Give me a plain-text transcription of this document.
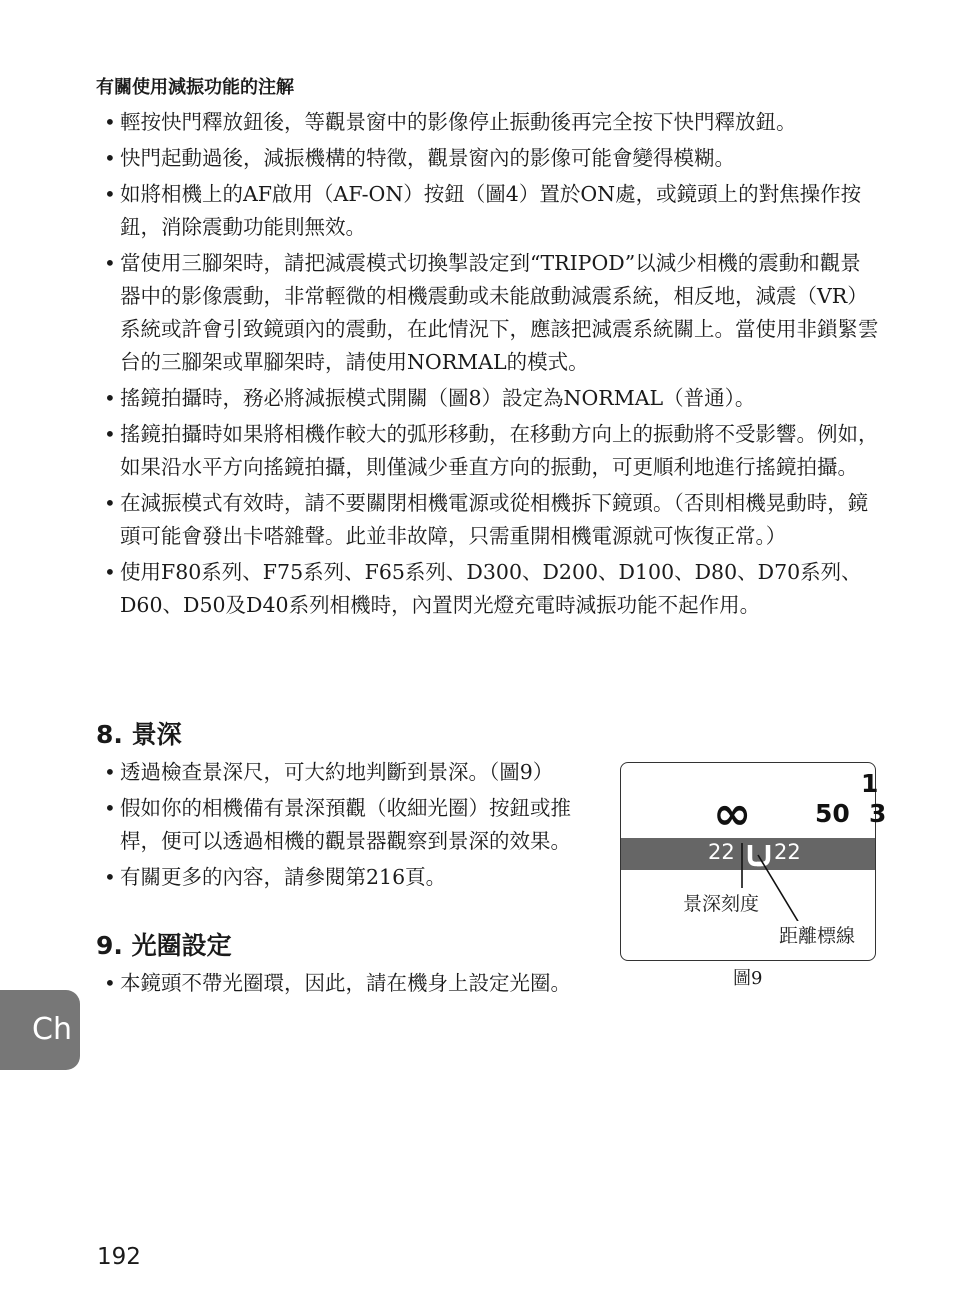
有關使用減振功能的注解
• 輕按快門釋放鈕後，等觀景窗中的影像停止振動後再完全按下快門釋放鈕。
• 快門起動過後，減振機構的特徵，觀景窗內的影像可能會變得模糊。
• 如將相機上的AF啟用（AF-ON）按鈕（圖4）置於ON處，或鏡頭上的對焦操作按鈕，消除震動功能則無效。
• 當使用三腳架時，請把減震模式切換掣設定到“TRIPOD”以減少相機的震動和觀景器中的影像震動，非常輕微的相機震動或未能啟動減震系統，相反地，減震（VR）系統或許會引致鏡頭內的震動，在此情況下，應該把減震系統關上。當使用非鎖緊雲台的三腳架或單腳架時，請使用NORMAL的模式。
• 搖鏡拍攝時，務必將減振模式開關（圖8）設定為NORMAL（普通）。
• 搖鏡拍攝時如果將相機作較大的弧形移動，在移動方向上的振動將不受影響。例如，如果沿水平方向搖鏡拍攝，則僅減少垂直方向的振動，可更順利地進行搖鏡拍攝。
• 在減振模式有效時，請不要關閉相機電源或從相機拆下鏡頭。（否則相機晃動時，鏡頭可能會發出卡嗒雜聲。此並非故障，只需重開相機電源就可恢復正常。）
• 使用F80系列、F75系列、F65系列、D300、D200、D100、D80、D70系列、D60、D50及D40系列相機時，內置閃光燈充電時減振功能不起作用。
8. 景深
• 透過檢查景深尺，可大約地判斷到景深。（圖9）
• 假如你的相機備有景深預觀（收細光圈）按鈕或推桿，便可以透過相機的觀景器觀察到景深的效果。
• 有關更多的內容，請參閱第216頁。
9. 光圈設定
• 本鏡頭不帶光圈環，因此，請在機身上設定光圈。
1
∞	50 3
22 22
景深刻度
距離標線
圖9
Ch
192
